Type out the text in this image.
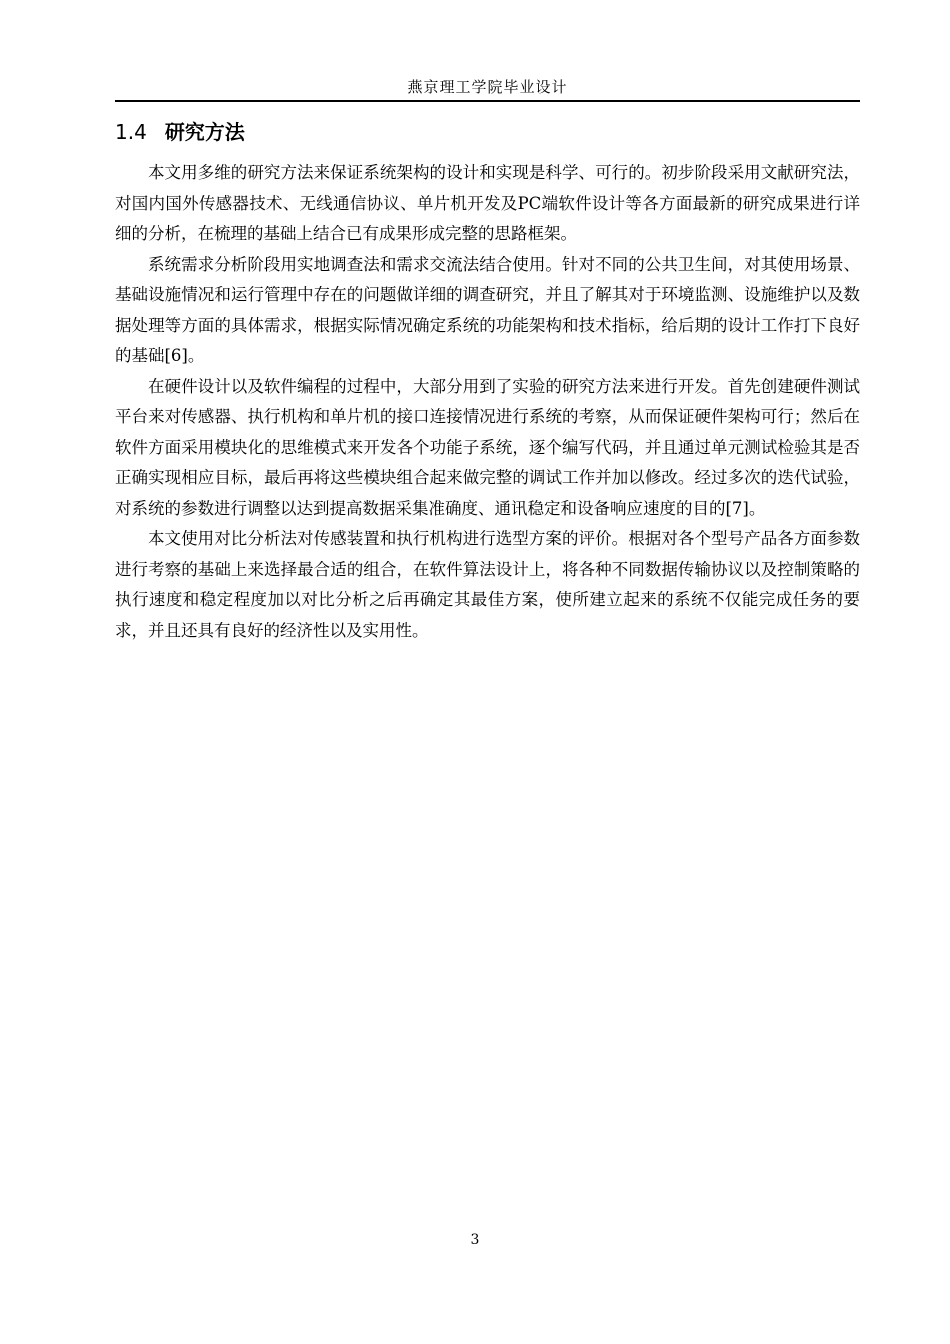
燕京理工学院毕业设计
1.4 研究方法

本文用多维的研究方法来保证系统架构的设计和实现是科学、可行的。初步阶段采用文献研究法，对国内国外传感器技术、无线通信协议、单片机开发及PC端软件设计等各方面最新的研究成果进行详细的分析，在梳理的基础上结合已有成果形成完整的思路框架。

系统需求分析阶段用实地调查法和需求交流法结合使用。针对不同的公共卫生间，对其使用场景、基础设施情况和运行管理中存在的问题做详细的调查研究，并且了解其对于环境监测、设施维护以及数据处理等方面的具体需求，根据实际情况确定系统的功能架构和技术指标，给后期的设计工作打下良好的基础[6]。

在硬件设计以及软件编程的过程中，大部分用到了实验的研究方法来进行开发。首先创建硬件测试平台来对传感器、执行机构和单片机的接口连接情况进行系统的考察，从而保证硬件架构可行；然后在软件方面采用模块化的思维模式来开发各个功能子系统，逐个编写代码，并且通过单元测试检验其是否正确实现相应目标，最后再将这些模块组合起来做完整的调试工作并加以修改。经过多次的迭代试验，对系统的参数进行调整以达到提高数据采集准确度、通讯稳定和设备响应速度的目的[7]。

本文使用对比分析法对传感装置和执行机构进行选型方案的评价。根据对各个型号产品各方面参数进行考察的基础上来选择最合适的组合，在软件算法设计上，将各种不同数据传输协议以及控制策略的执行速度和稳定程度加以对比分析之后再确定其最佳方案，使所建立起来的系统不仅能完成任务的要求，并且还具有良好的经济性以及实用性。

3
